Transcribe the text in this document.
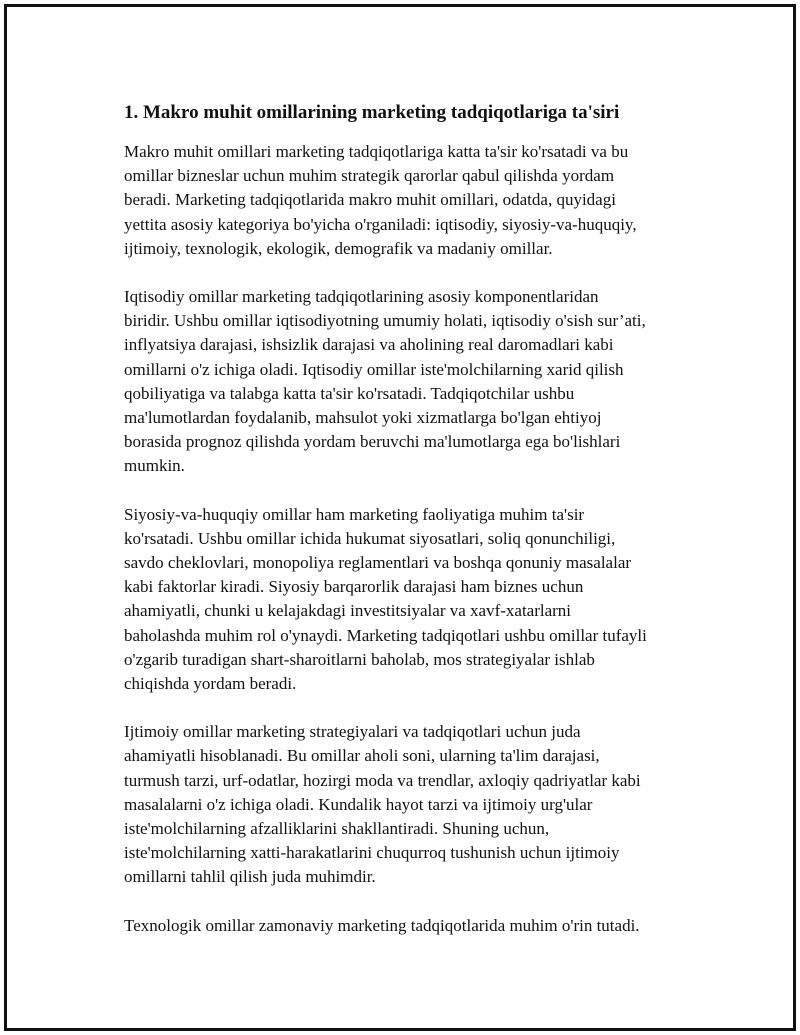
1. Makro muhit omillarining marketing tadqiqotlariga ta'siri

Makro muhit omillari marketing tadqiqotlariga katta ta'sir ko'rsatadi va bu
omillar bizneslar uchun muhim strategik qarorlar qabul qilishda yordam
beradi. Marketing tadqiqotlarida makro muhit omillari, odatda, quyidagi
yettita asosiy kategoriya bo'yicha o'rganiladi: iqtisodiy, siyosiy-va-huquqiy,
ijtimoiy, texnologik, ekologik, demografik va madaniy omillar.

Iqtisodiy omillar marketing tadqiqotlarining asosiy komponentlaridan
biridir. Ushbu omillar iqtisodiyotning umumiy holati, iqtisodiy o'sish sur’ati,
inflyatsiya darajasi, ishsizlik darajasi va aholining real daromadlari kabi
omillarni o'z ichiga oladi. Iqtisodiy omillar iste'molchilarning xarid qilish
qobiliyatiga va talabga katta ta'sir ko'rsatadi. Tadqiqotchilar ushbu
ma'lumotlardan foydalanib, mahsulot yoki xizmatlarga bo'lgan ehtiyoj
borasida prognoz qilishda yordam beruvchi ma'lumotlarga ega bo'lishlari
mumkin.

Siyosiy-va-huquqiy omillar ham marketing faoliyatiga muhim ta'sir
ko'rsatadi. Ushbu omillar ichida hukumat siyosatlari, soliq qonunchiligi,
savdo cheklovlari, monopoliya reglamentlari va boshqa qonuniy masalalar
kabi faktorlar kiradi. Siyosiy barqarorlik darajasi ham biznes uchun
ahamiyatli, chunki u kelajakdagi investitsiyalar va xavf-xatarlarni
baholashda muhim rol o'ynaydi. Marketing tadqiqotlari ushbu omillar tufayli
o'zgarib turadigan shart-sharoitlarni baholab, mos strategiyalar ishlab
chiqishda yordam beradi.

Ijtimoiy omillar marketing strategiyalari va tadqiqotlari uchun juda
ahamiyatli hisoblanadi. Bu omillar aholi soni, ularning ta'lim darajasi,
turmush tarzi, urf-odatlar, hozirgi moda va trendlar, axloqiy qadriyatlar kabi
masalalarni o'z ichiga oladi. Kundalik hayot tarzi va ijtimoiy urg'ular
iste'molchilarning afzalliklarini shakllantiradi. Shuning uchun,
iste'molchilarning xatti-harakatlarini chuqurroq tushunish uchun ijtimoiy
omillarni tahlil qilish juda muhimdir.

Texnologik omillar zamonaviy marketing tadqiqotlarida muhim o'rin tutadi.
